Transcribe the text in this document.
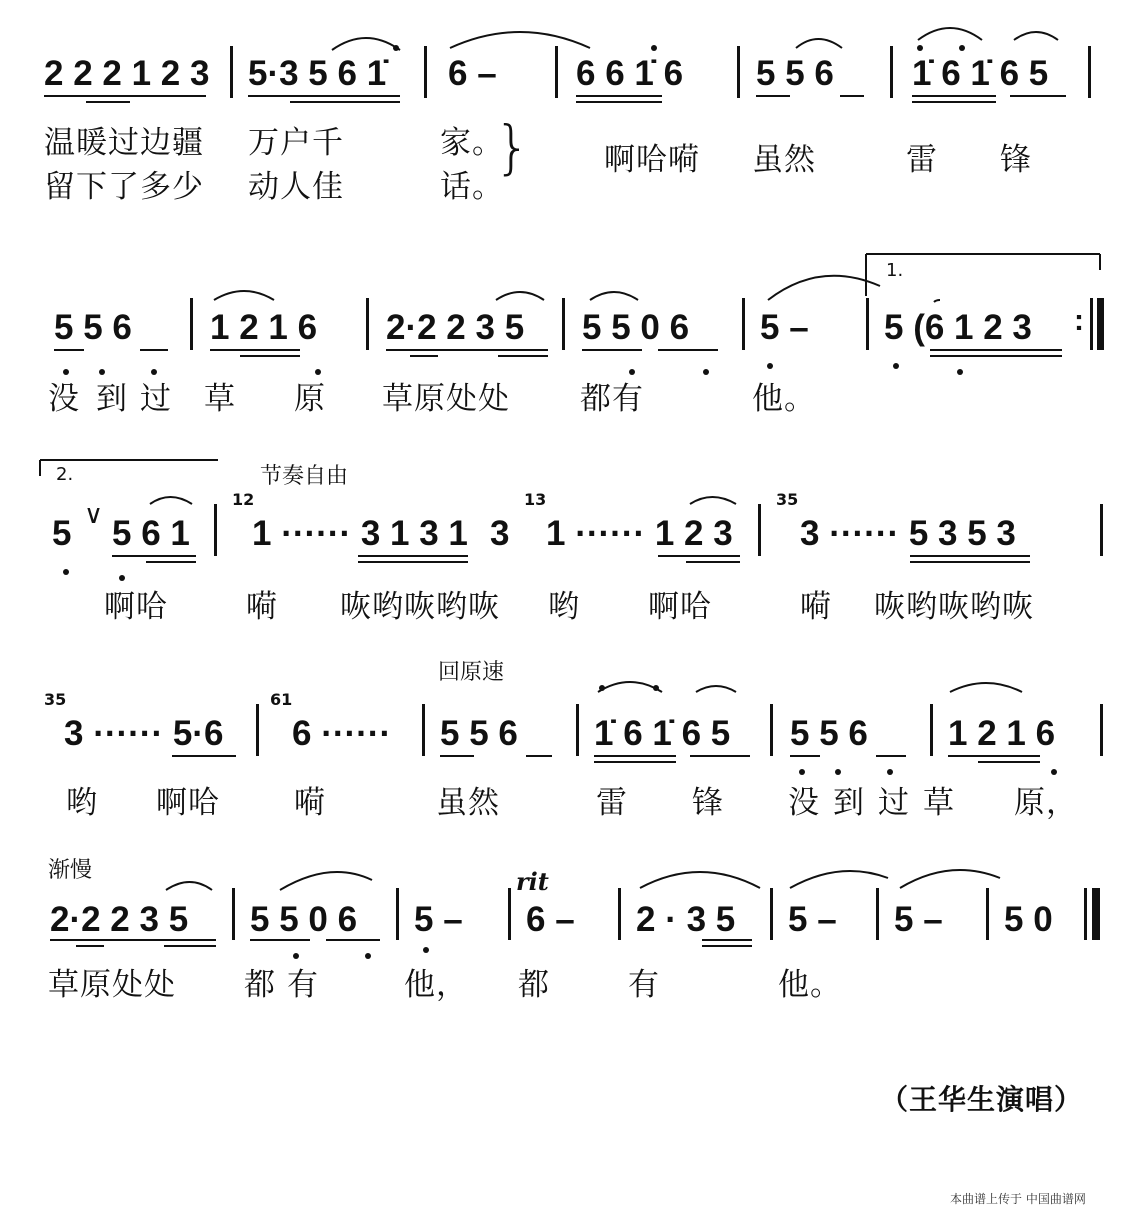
2 2 2 1 2 3 5·3 5 6 1̇ 6 – 6 6 1̇ 6 5 5 6 1̇ 6 1̇ 6 5
温暖过边疆 万户千	家。
留下了多少 动人佳	话。
} 啊哈嗬 虽然	雷 锋
1.
5 5 6 1 2 1 6 2·2 2 3 5 5 5 0 6 5 – 5 (6 1 2 3 :
没 到 过 草 原 草原处处 都有	他。
2.	节奏自由
5 ∨ 5 6 1
12
1 ······ 3 1 3 1 3
13
1 ······ 1 2 3
35
3 ······ 5 3 5 3
啊哈	嗬 咴哟咴哟咴 哟 啊哈	嗬 咴哟咴哟咴
回原速
35
3 ······ 5·6
61
6 ······ 5 5 6 1̇ 6 1̇ 6 5 5 5 6 1 2 1 6
哟 啊哈 嗬	虽然	雷 锋 没到过草 原，
渐慢	rit
2·2 2 3 5 5 5 0 6 5 – 6 – 2 · 3 5 5 – 5 – 5 0
草原处处 都有 他， 都	有	他。
（王华生演唱）
本曲谱上传于 中国曲谱网
